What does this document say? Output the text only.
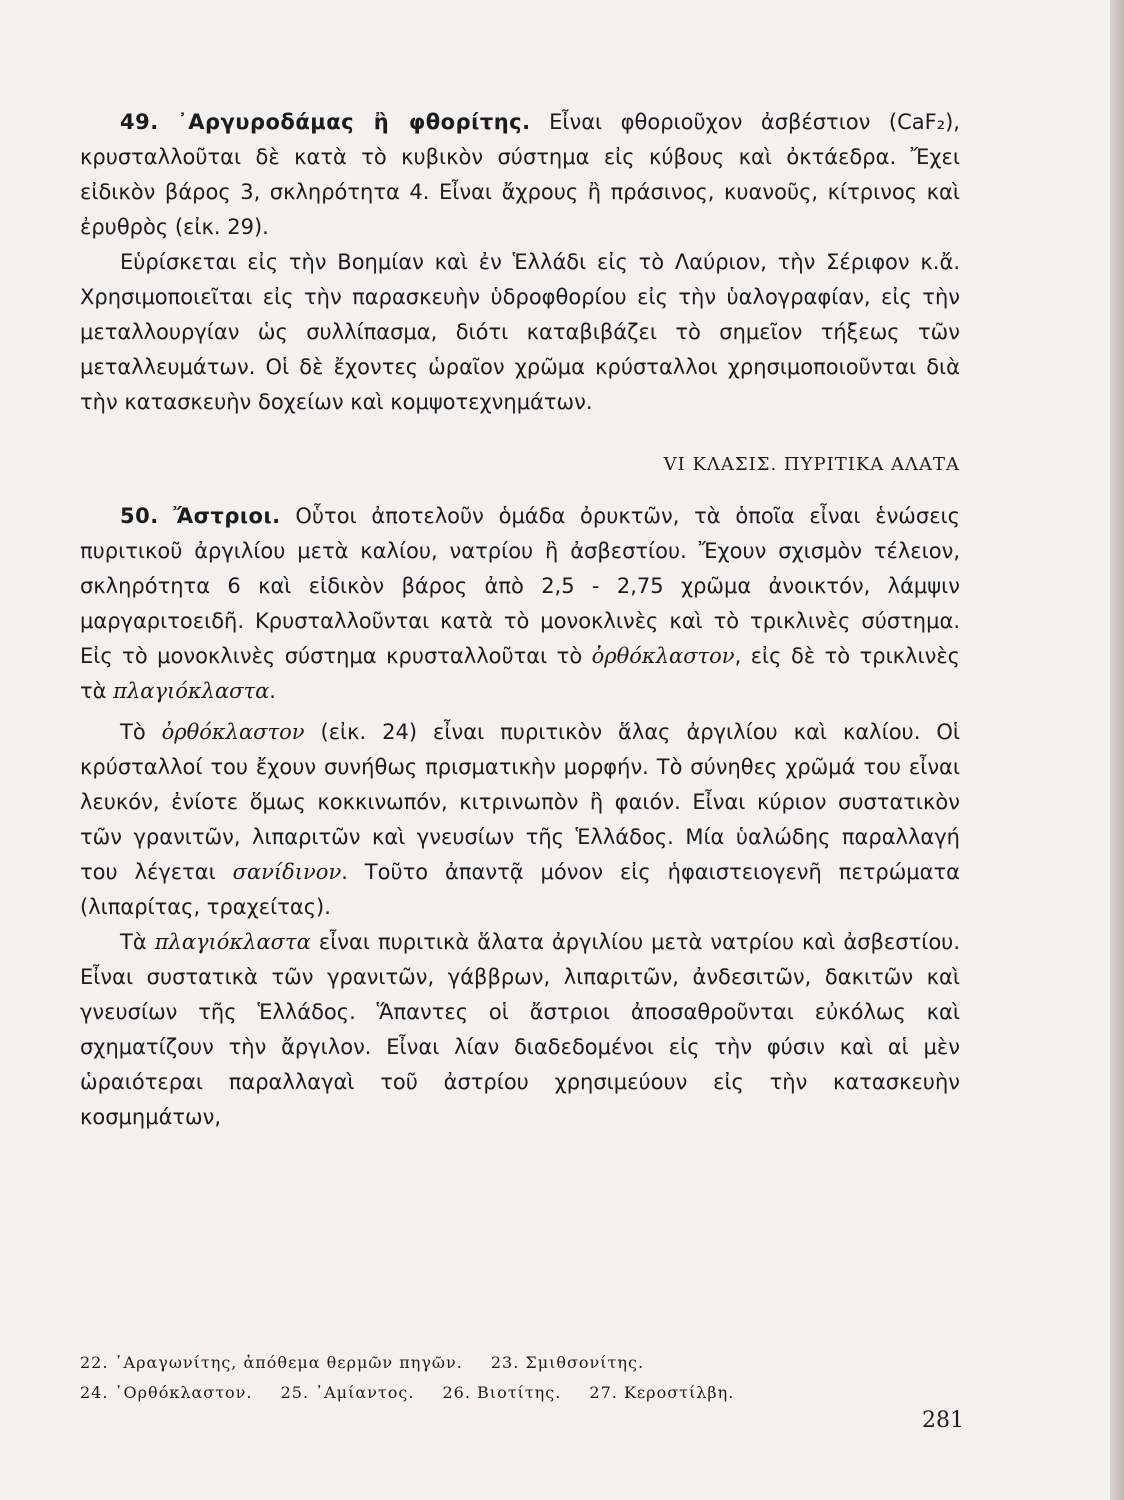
49. ᾿Αργυροδάμας ἢ φθορίτης. Εἶναι φθοριοῦχον ἀσβέστιον (CaF₂), κρυσταλλοῦται δὲ κατὰ τὸ κυβικὸν σύστημα εἰς κύβους καὶ ὀκτάεδρα. Ἔχει εἰδικὸν βάρος 3, σκληρότητα 4. Εἶναι ἄχρους ἢ πράσινος, κυανοῦς, κίτρινος καὶ ἐρυθρὸς (εἰκ. 29).

Εὑρίσκεται εἰς τὴν Βοημίαν καὶ ἐν Ἑλλάδι εἰς τὸ Λαύριον, τὴν Σέριφον κ.ἄ. Χρησιμοποιεῖται εἰς τὴν παρασκευὴν ὑδροφθορίου εἰς τὴν ὑαλογραφίαν, εἰς τὴν μεταλλουργίαν ὡς συλλίπασμα, διότι καταβιβάζει τὸ σημεῖον τήξεως τῶν μεταλλευμάτων. Οἱ δὲ ἔχοντες ὡραῖον χρῶμα κρύσταλλοι χρησιμοποιοῦνται διὰ τὴν κατασκευὴν δοχείων καὶ κομψοτεχνημάτων.

VI ΚΛΑΣΙΣ. ΠΥΡΙΤΙΚΑ ΑΛΑΤΑ

50. Ἄστριοι. Οὗτοι ἀποτελοῦν ὁμάδα ὀρυκτῶν, τὰ ὁποῖα εἶναι ἑνώσεις πυριτικοῦ ἀργιλίου μετὰ καλίου, νατρίου ἢ ἀσβεστίου. Ἔχουν σχισμὸν τέλειον, σκληρότητα 6 καὶ εἰδικὸν βάρος ἀπὸ 2,5 - 2,75 χρῶμα ἀνοικτόν, λάμψιν μαργαριτοειδῆ. Κρυσταλλοῦνται κατὰ τὸ μονοκλινὲς καὶ τὸ τρικλινὲς σύστημα. Εἰς τὸ μονοκλινὲς σύστημα κρυσταλλοῦται τὸ ὀρθόκλαστον, εἰς δὲ τὸ τρικλινὲς τὰ πλαγιόκλαστα.

Τὸ ὀρθόκλαστον (εἰκ. 24) εἶναι πυριτικὸν ἅλας ἀργιλίου καὶ καλίου. Οἱ κρύσταλλοί του ἔχουν συνήθως πρισματικὴν μορφήν. Τὸ σύνηθες χρῶμά του εἶναι λευκόν, ἐνίοτε ὅμως κοκκινωπόν, κιτρινωπὸν ἢ φαιόν. Εἶναι κύριον συστατικὸν τῶν γρανιτῶν, λιπαριτῶν καὶ γνευσίων τῆς Ἑλλάδος. Μία ὑαλώδης παραλλαγή του λέγεται σανίδινον. Τοῦτο ἀπαντᾷ μόνον εἰς ἡφαιστειογενῆ πετρώματα (λιπαρίτας, τραχείτας).

Τὰ πλαγιόκλαστα εἶναι πυριτικὰ ἅλατα ἀργιλίου μετὰ νατρίου καὶ ἀσβεστίου. Εἶναι συστατικὰ τῶν γρανιτῶν, γάββρων, λιπαριτῶν, ἀνδεσιτῶν, δακιτῶν καὶ γνευσίων τῆς Ἑλλάδος. Ἅπαντες οἱ ἄστριοι ἀποσαθροῦνται εὐκόλως καὶ σχηματίζουν τὴν ἄργιλον. Εἶναι λίαν διαδεδομένοι εἰς τὴν φύσιν καὶ αἱ μὲν ὡραιότεραι παραλλαγαὶ τοῦ ἀστρίου χρησιμεύουν εἰς τὴν κατασκευὴν κοσμημάτων,

22. ᾿Αραγωνίτης, ἀπόθεμα θερμῶν πηγῶν. 23. Σμιθσονίτης.
24. ᾿Ορθόκλαστον. 25. ᾿Αμίαντος. 26. Βιοτίτης. 27. Κεροστίλβη.
281
